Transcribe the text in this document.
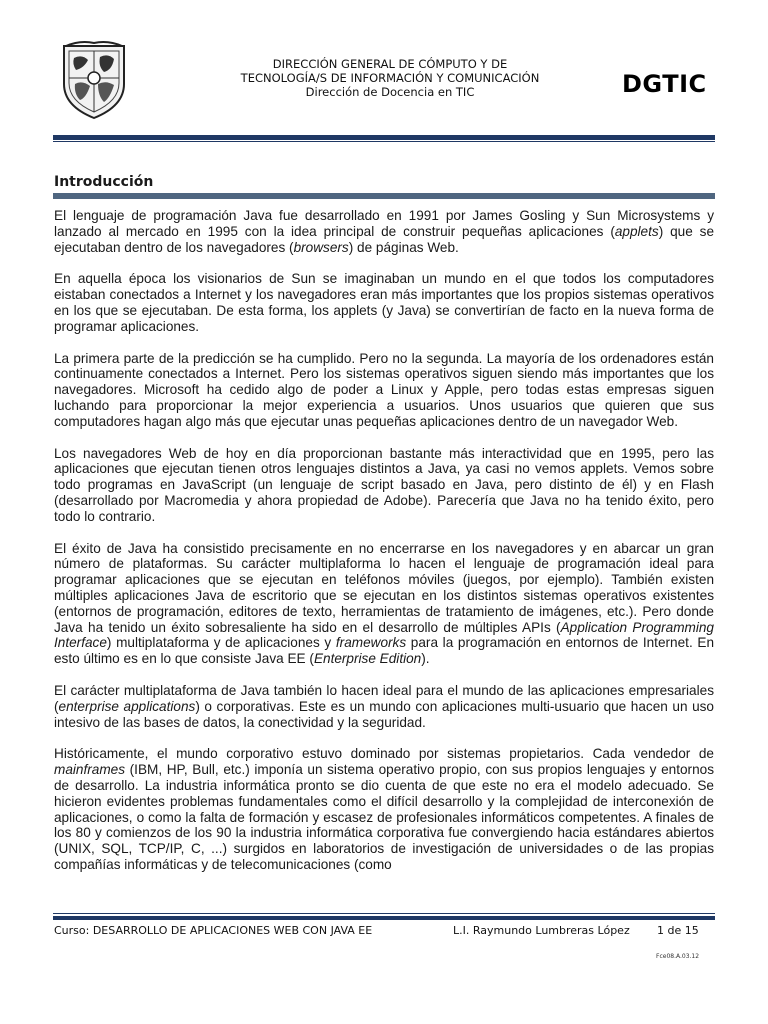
DIRECCIÓN GENERAL DE CÓMPUTO Y DE
TECNOLOGÍA/S DE INFORMACIÓN Y COMUNICACIÓN
Dirección de Docencia en TIC	DGTIC
Introducción

El lenguaje de programación Java fue desarrollado en 1991 por James Gosling y Sun Microsystems y lanzado al mercado en 1995 con la idea principal de construir pequeñas aplicaciones (applets) que se ejecutaban dentro de los navegadores (browsers) de páginas Web.

En aquella época los visionarios de Sun se imaginaban un mundo en el que todos los computadores eistaban conectados a Internet y los navegadores eran más importantes que los propios sistemas operativos en los que se ejecutaban. De esta forma, los applets (y Java) se convertirían de facto en la nueva forma de programar aplicaciones.

La primera parte de la predicción se ha cumplido. Pero no la segunda. La mayoría de los ordenadores están continuamente conectados a Internet. Pero los sistemas operativos siguen siendo más importantes que los navegadores. Microsoft ha cedido algo de poder a Linux y Apple, pero todas estas empresas siguen luchando para proporcionar la mejor experiencia a usuarios. Unos usuarios que quieren que sus computadores hagan algo más que ejecutar unas pequeñas aplicaciones dentro de un navegador Web.

Los navegadores Web de hoy en día proporcionan bastante más interactividad que en 1995, pero las aplicaciones que ejecutan tienen otros lenguajes distintos a Java, ya casi no vemos applets. Vemos sobre todo programas en JavaScript (un lenguaje de script basado en Java, pero distinto de él) y en Flash (desarrollado por Macromedia y ahora propiedad de Adobe). Parecería que Java no ha tenido éxito, pero todo lo contrario.

El éxito de Java ha consistido precisamente en no encerrarse en los navegadores y en abarcar un gran número de plataformas. Su carácter multiplaforma lo hacen el lenguaje de programación ideal para programar aplicaciones que se ejecutan en teléfonos móviles (juegos, por ejemplo). También existen múltiples aplicaciones Java de escritorio que se ejecutan en los distintos sistemas operativos existentes (entornos de programación, editores de texto, herramientas de tratamiento de imágenes, etc.). Pero donde Java ha tenido un éxito sobresaliente ha sido en el desarrollo de múltiples APIs (Application Programming Interface) multiplataforma y de aplicaciones y frameworks para la programación en entornos de Internet. En esto último es en lo que consiste Java EE (Enterprise Edition).

El carácter multiplataforma de Java también lo hacen ideal para el mundo de las aplicaciones empresariales (enterprise applications) o corporativas. Este es un mundo con aplicaciones multi-usuario que hacen un uso intesivo de las bases de datos, la conectividad y la seguridad.

Históricamente, el mundo corporativo estuvo dominado por sistemas propietarios. Cada vendedor de mainframes (IBM, HP, Bull, etc.) imponía un sistema operativo propio, con sus propios lenguajes y entornos de desarrollo. La industria informática pronto se dio cuenta de que este no era el modelo adecuado. Se hicieron evidentes problemas fundamentales como el difícil desarrollo y la complejidad de interconexión de aplicaciones, o como la falta de formación y escasez de profesionales informáticos competentes. A finales de los 80 y comienzos de los 90 la industria informática corporativa fue convergiendo hacia estándares abiertos (UNIX, SQL, TCP/IP, C, ...) surgidos en laboratorios de investigación de universidades o de las propias compañías informáticas y de telecomunicaciones (como

Curso: DESARROLLO DE APLICACIONES WEB CON JAVA EE	L.I. Raymundo Lumbreras López 1 de 15
Fce08.A.03.12
